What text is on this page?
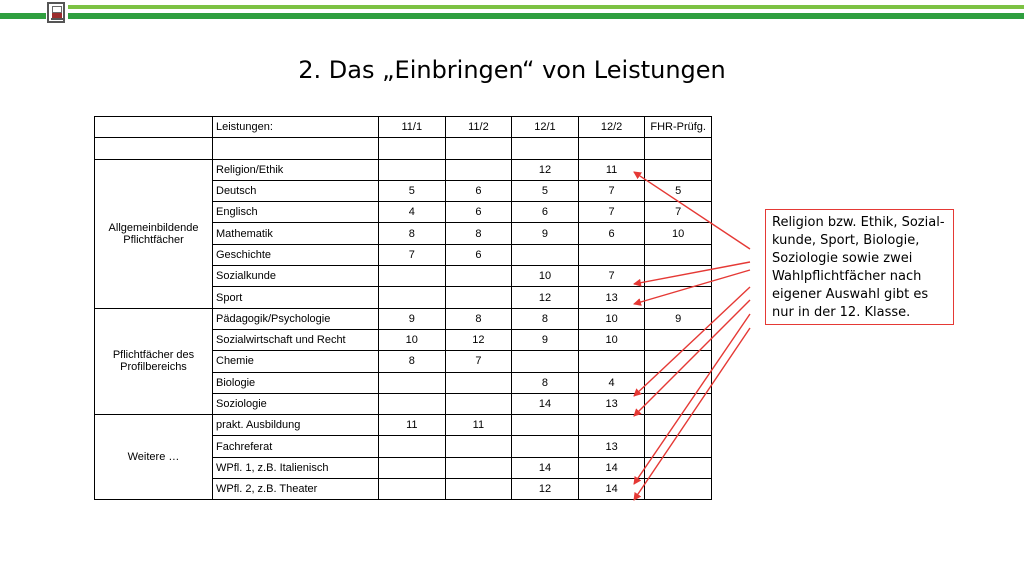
2. Das „Einbringen“ von Leistungen
	Leistungen:	11/1	11/2	12/1	12/2	FHR-Prüfg.

Allgemeinbildende Pflichtfächer	Religion/Ethik			12	11	
	Deutsch	5	6	5	7	5
	Englisch	4	6	6	7	7
	Mathematik	8	8	9	6	10
	Geschichte	7	6			
	Sozialkunde			10	7	
	Sport			12	13	
Pflichtfächer des Profilbereichs	Pädagogik/Psychologie	9	8	8	10	9
	Sozialwirtschaft und Recht	10	12	9	10	
	Chemie	8	7			
	Biologie			8	4	
	Soziologie			14	13	
Weitere …	prakt. Ausbildung	11	11			
	Fachreferat				13	
	WPfl. 1, z.B. Italienisch			14	14	
	WPfl. 2, z.B. Theater			12	14	
Religion bzw. Ethik, Sozial-kunde, Sport, Biologie, Soziologie sowie zwei Wahlpflichtfächer nach eigener Auswahl gibt es nur in der 12. Klasse.
